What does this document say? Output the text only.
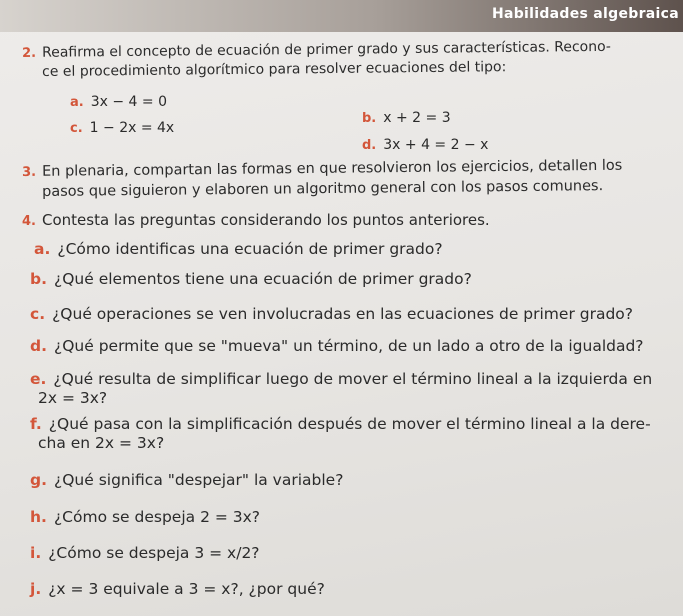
Habilidades algebraica
2. Reafirma el concepto de ecuación de primer grado y sus características. Recono-
ce el procedimiento algorítmico para resolver ecuaciones del tipo:
a. 3x − 4 = 0
b. x + 2 = 3
c. 1 − 2x = 4x
d. 3x + 4 = 2 − x
3. En plenaria, compartan las formas en que resolvieron los ejercicios, detallen los
pasos que siguieron y elaboren un algoritmo general con los pasos comunes.
4. Contesta las preguntas considerando los puntos anteriores.
a. ¿Cómo identificas una ecuación de primer grado?
b. ¿Qué elementos tiene una ecuación de primer grado?
c. ¿Qué operaciones se ven involucradas en las ecuaciones de primer grado?
d. ¿Qué permite que se "mueva" un término, de un lado a otro de la igualdad?
e. ¿Qué resulta de simplificar luego de mover el término lineal a la izquierda en
2x = 3x?
f. ¿Qué pasa con la simplificación después de mover el término lineal a la dere-
cha en 2x = 3x?
g. ¿Qué significa "despejar" la variable?
h. ¿Cómo se despeja 2 = 3x?
i. ¿Cómo se despeja 3 = x/2?
j. ¿x = 3 equivale a 3 = x?, ¿por qué?
